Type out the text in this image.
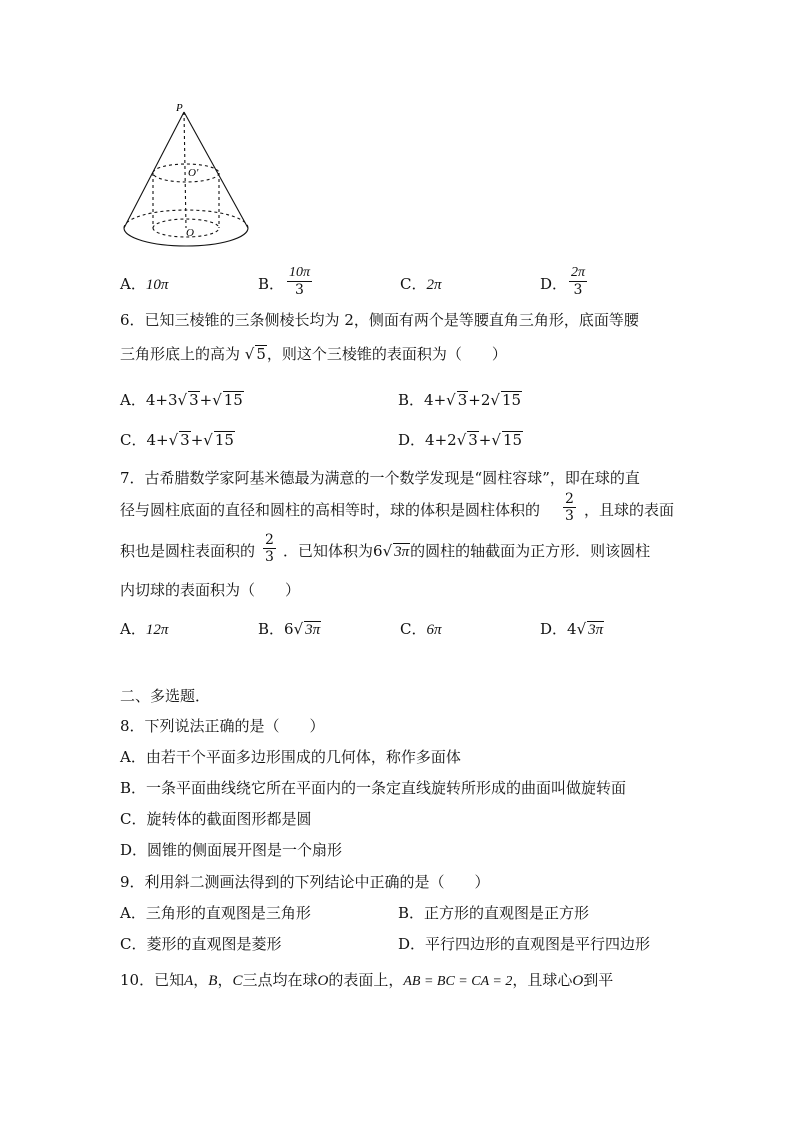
P
O'
O
A．10π	B． $\frac{10\pi}{3}$	C．2π	D． $\frac{2\pi}{3}$
6．已知三棱锥的三条侧棱长均为 2，侧面有两个是等腰直角三角形，底面等腰
三角形底上的高为 √ 5，则这个三棱锥的表面积为（　　）
A．4+3√ 3+√ 15	B．4+√ 3+2√ 15
C．4+√ 3+√ 15	D．4+2√ 3+√ 15
7．古希腊数学家阿基米德最为满意的一个数学发现是“圆柱容球”，即在球的直
径与圆柱底面的直径和圆柱的高相等时，球的体积是圆柱体积的 $\frac{2}{3}$ ，且球的表面
积也是圆柱表面积的 $\frac{2}{3}$ ．已知体积为6√ 3π的圆柱的轴截面为正方形．则该圆柱
内切球的表面积为（　　）
A．12π	B．6√ 3π	C．6π	D．4√ 3π
二、多选题．
8．下列说法正确的是（　　）
A．由若干个平面多边形围成的几何体，称作多面体
B．一条平面曲线绕它所在平面内的一条定直线旋转所形成的曲面叫做旋转面
C．旋转体的截面图形都是圆
D．圆锥的侧面展开图是一个扇形
9．利用斜二测画法得到的下列结论中正确的是（　　）
A．三角形的直观图是三角形	B．正方形的直观图是正方形
C．菱形的直观图是菱形	D．平行四边形的直观图是平行四边形
10．已知A，B，C三点均在球O的表面上，AB = BC = CA = 2，且球心O到平
